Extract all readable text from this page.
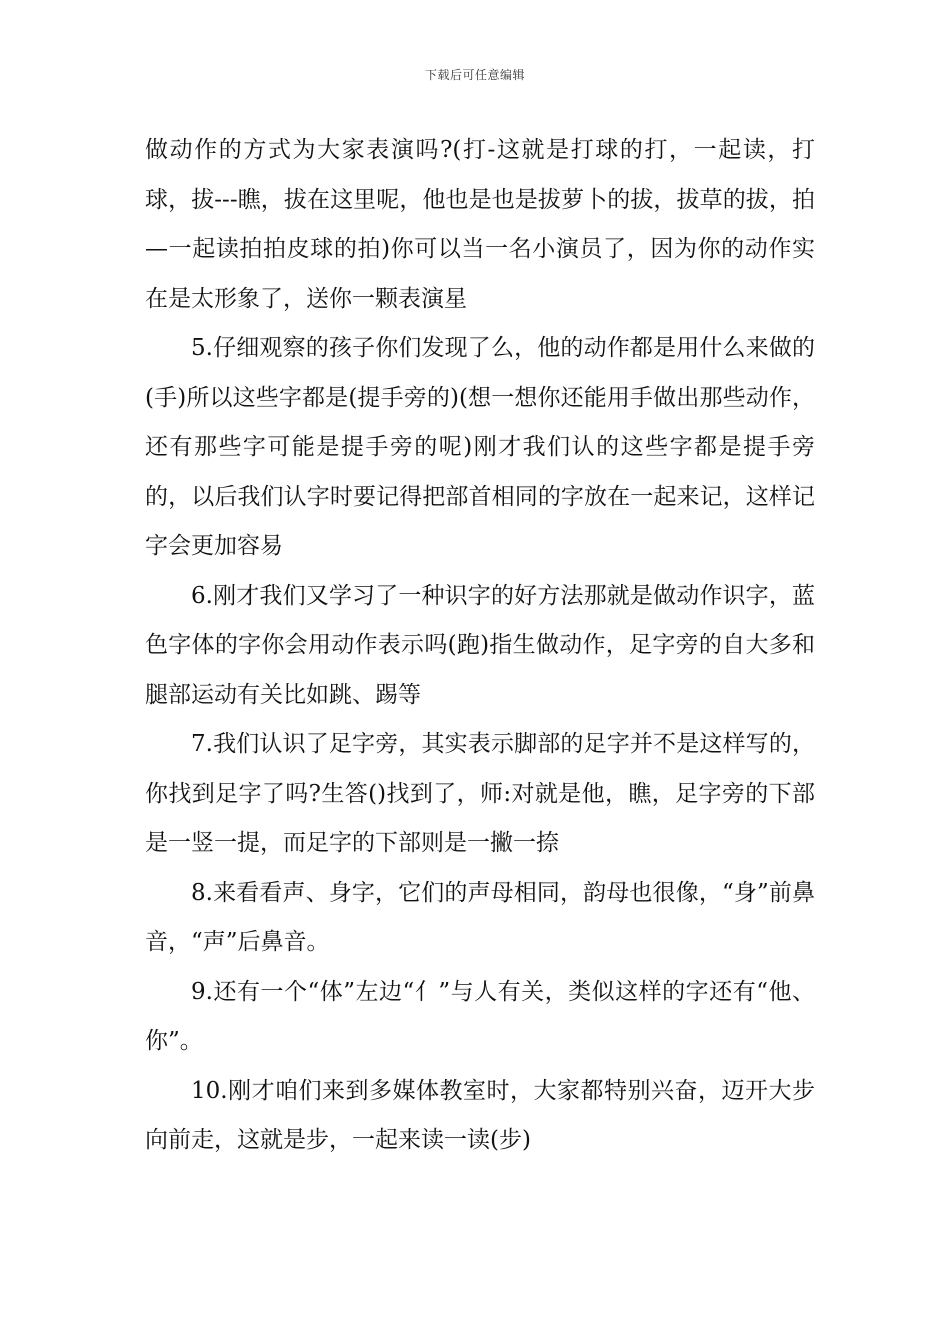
下载后可任意编辑

做动作的方式为大家表演吗?(打-这就是打球的打，一起读，打球，拔---瞧，拔在这里呢，他也是也是拔萝卜的拔，拔草的拔，拍—一起读拍拍皮球的拍)你可以当一名小演员了，因为你的动作实在是太形象了，送你一颗表演星

5.仔细观察的孩子你们发现了么，他的动作都是用什么来做的(手)所以这些字都是(提手旁的)(想一想你还能用手做出那些动作，还有那些字可能是提手旁的呢)刚才我们认的这些字都是提手旁的，以后我们认字时要记得把部首相同的字放在一起来记，这样记字会更加容易

6.刚才我们又学习了一种识字的好方法那就是做动作识字，蓝色字体的字你会用动作表示吗(跑)指生做动作，足字旁的自大多和腿部运动有关比如跳、踢等

7.我们认识了足字旁，其实表示脚部的足字并不是这样写的，你找到足字了吗?生答()找到了，师:对就是他，瞧，足字旁的下部是一竖一提，而足字的下部则是一撇一捺

8.来看看声、身字，它们的声母相同，韵母也很像，“身”前鼻音，“声”后鼻音。

9.还有一个“体”左边“亻”与人有关，类似这样的字还有“他、你”。

10.刚才咱们来到多媒体教室时，大家都特别兴奋，迈开大步向前走，这就是步，一起来读一读(步)
